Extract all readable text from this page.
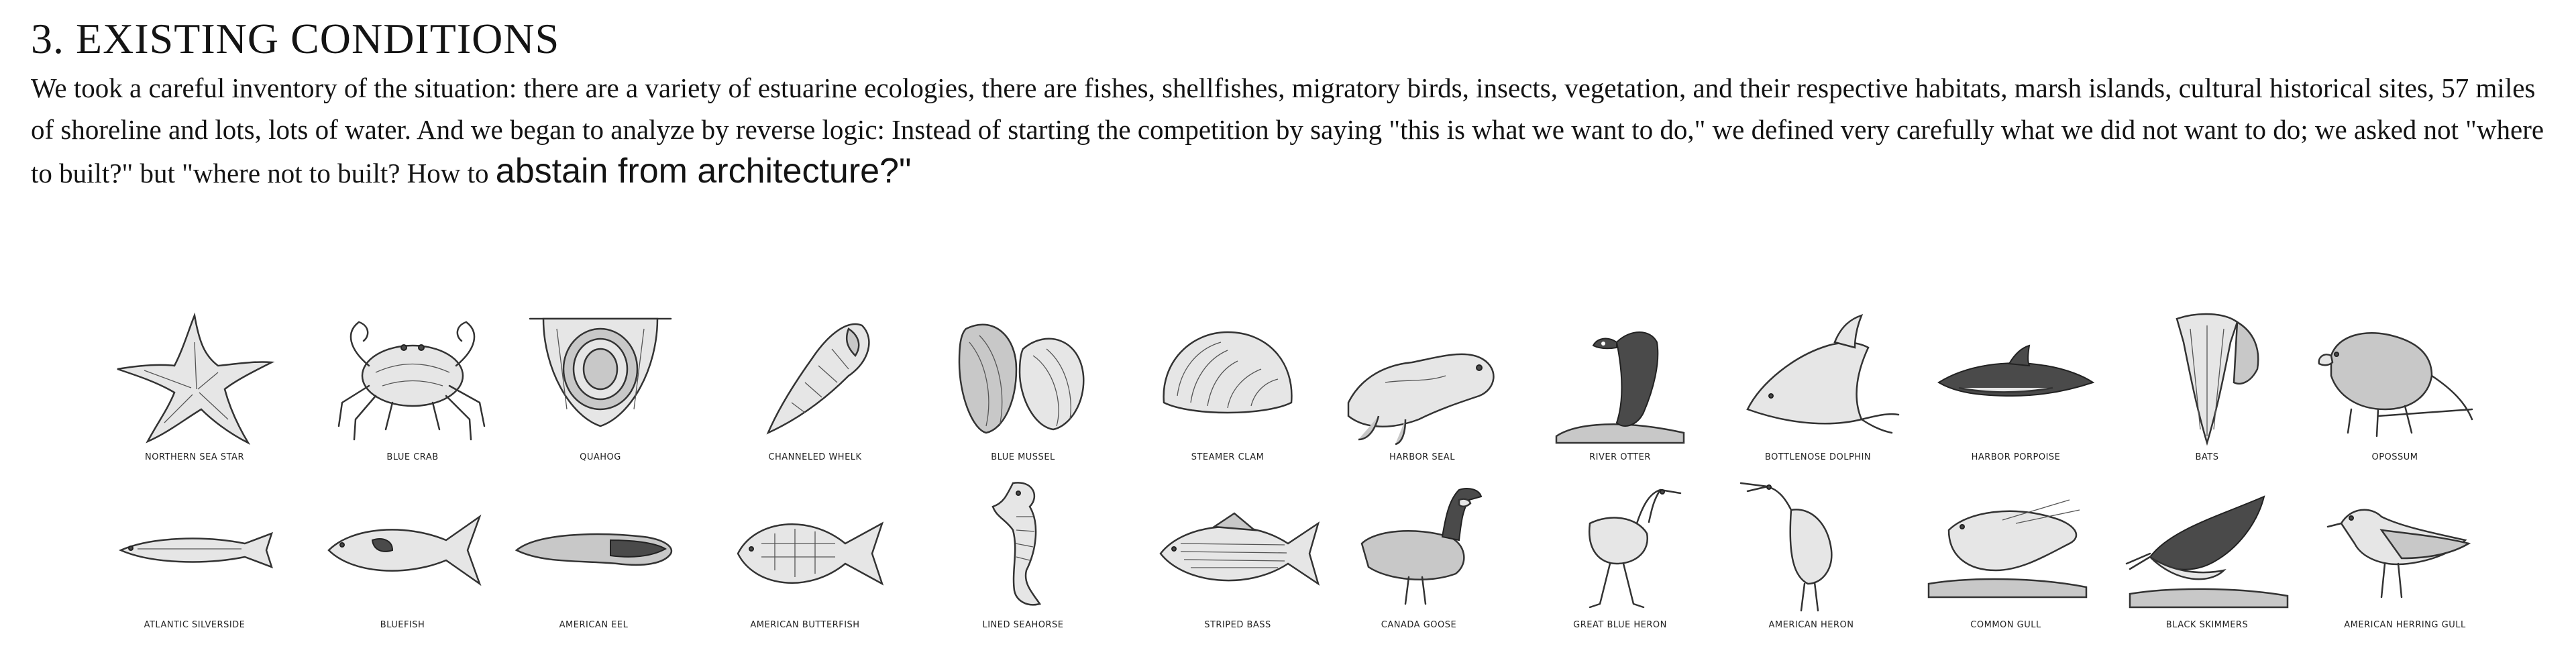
3. EXISTING CONDITIONS
We took a careful inventory of the situation: there are a variety of estuarine ecologies, there are fishes, shellfishes, migratory birds, insects, vegetation, and their respective habitats, marsh islands, cultural historical sites, 57 miles of shoreline and lots, lots of water. And we began to analyze by reverse logic: Instead of starting the competition by saying "this is what we want to do," we defined very carefully what we did not want to do; we asked not "where to built?" but "where not to built? How to abstain from architecture?"
NORTHERN SEA STAR	BLUE CRAB	QUAHOG	CHANNELED WHELK	BLUE MUSSEL	STEAMER CLAM	HARBOR SEAL	RIVER OTTER	BOTTLENOSE DOLPHIN	HARBOR PORPOISE	BATS	OPOSSUM
ATLANTIC SILVERSIDE	BLUEFISH	AMERICAN EEL	AMERICAN BUTTERFISH	LINED SEAHORSE	STRIPED BASS	CANADA GOOSE	GREAT BLUE HERON	AMERICAN HERON	COMMON GULL	BLACK SKIMMERS	AMERICAN HERRING GULL
